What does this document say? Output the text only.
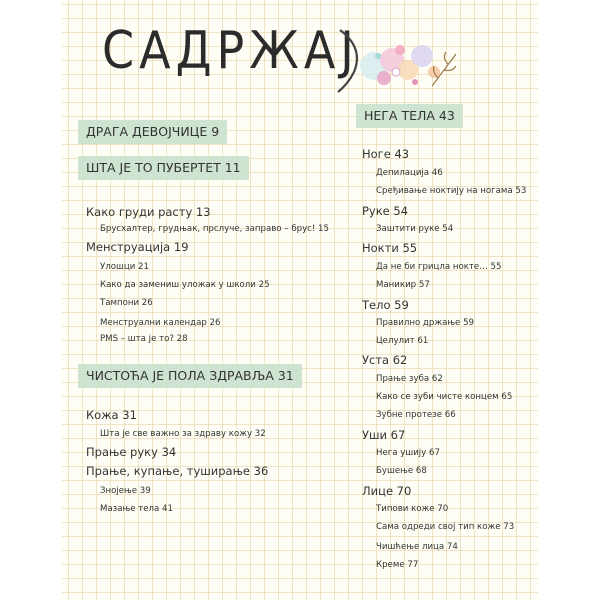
САДРЖАЈ
ДРАГА ДЕВОЈЧИЦЕ 9
ШТА ЈЕ ТО ПУБЕРТЕТ 11
Како груди расту 13
Брусхалтер, грудњак, прслуче, заправо – брус! 15
Менструација 19
Улошци 21
Како да замениш уложак у школи 25
Тампони 26
Менструални календар 26
PMS – шта је то? 28
ЧИСТОЋА ЈЕ ПОЛА ЗДРАВЉА 31
Кожа 31
Шта је све важно за здраву кожу 32
Прање руку 34
Прање, купање, туширање 36
Знојење 39
Мазање тела 41
НЕГА ТЕЛА 43
Ноге 43
Депилација 46
Сређивање ноктију на ногама 53
Руке 54
Заштити руке 54
Нокти 55
Да не би грицла нокте… 55
Маникир 57
Тело 59
Правилно држање 59
Целулит 61
Уста 62
Прање зуба 62
Како се зуби чисте концем 65
Зубне протезе 66
Уши 67
Нега ушију 67
Бушење 68
Лице 70
Типови коже 70
Сама одреди свој тип коже 73
Чишћење лица 74
Креме 77
